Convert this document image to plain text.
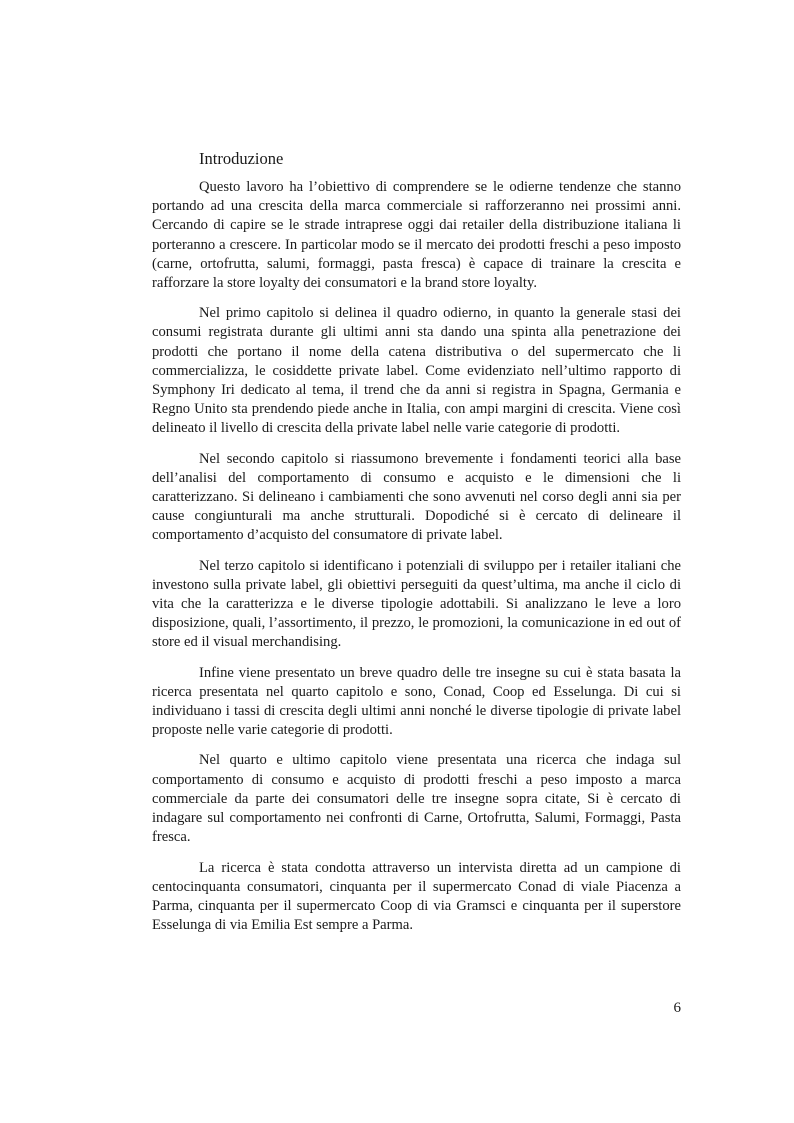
Introduzione

Questo lavoro ha l’obiettivo di comprendere se le odierne tendenze che stanno portando ad una crescita della marca commerciale si rafforzeranno nei prossimi anni. Cercando di capire se le strade intraprese oggi dai retailer della distribuzione italiana li porteranno a crescere. In particolar modo se il mercato dei prodotti freschi a peso imposto (carne, ortofrutta, salumi, formaggi, pasta fresca) è capace di trainare la crescita e rafforzare la store loyalty dei consumatori e la brand store loyalty.

Nel primo capitolo si delinea il quadro odierno, in quanto la generale stasi dei consumi registrata durante gli ultimi anni sta dando una spinta alla penetrazione dei prodotti che portano il nome della catena distributiva o del supermercato che li commercializza, le cosiddette private label. Come evidenziato nell’ultimo rapporto di Symphony Iri dedicato al tema, il trend che da anni si registra in Spagna, Germania e Regno Unito sta prendendo piede anche in Italia, con ampi margini di crescita. Viene così delineato il livello di crescita della private label nelle varie categorie di prodotti.

Nel secondo capitolo si riassumono brevemente i fondamenti teorici alla base dell’analisi del comportamento di consumo e acquisto e le dimensioni che li caratterizzano. Si delineano i cambiamenti che sono avvenuti nel corso degli anni sia per cause congiunturali ma anche strutturali. Dopodiché si è cercato di delineare il comportamento d’acquisto del consumatore di private label.

Nel terzo capitolo si identificano i potenziali di sviluppo per i retailer italiani che investono sulla private label, gli obiettivi perseguiti da quest’ultima, ma anche il ciclo di vita che la caratterizza e le diverse tipologie adottabili. Si analizzano le leve a loro disposizione, quali, l’assortimento, il prezzo, le promozioni, la comunicazione in ed out of store ed il visual merchandising.

Infine viene presentato un breve quadro delle tre insegne su cui è stata basata la ricerca presentata nel quarto capitolo e sono, Conad, Coop ed Esselunga. Di cui si individuano i tassi di crescita degli ultimi anni nonché le diverse tipologie di private label proposte nelle varie categorie di prodotti.

Nel quarto e ultimo capitolo viene presentata una ricerca che indaga sul comportamento di consumo e acquisto di prodotti freschi a peso imposto a marca commerciale da parte dei consumatori delle tre insegne sopra citate, Si è cercato di indagare sul comportamento nei confronti di Carne, Ortofrutta, Salumi, Formaggi, Pasta fresca.

La ricerca è stata condotta attraverso un intervista diretta ad un campione di centocinquanta consumatori, cinquanta per il supermercato Conad di viale Piacenza a Parma, cinquanta per il supermercato Coop di via Gramsci e cinquanta per il superstore Esselunga di via Emilia Est sempre a Parma.

6
